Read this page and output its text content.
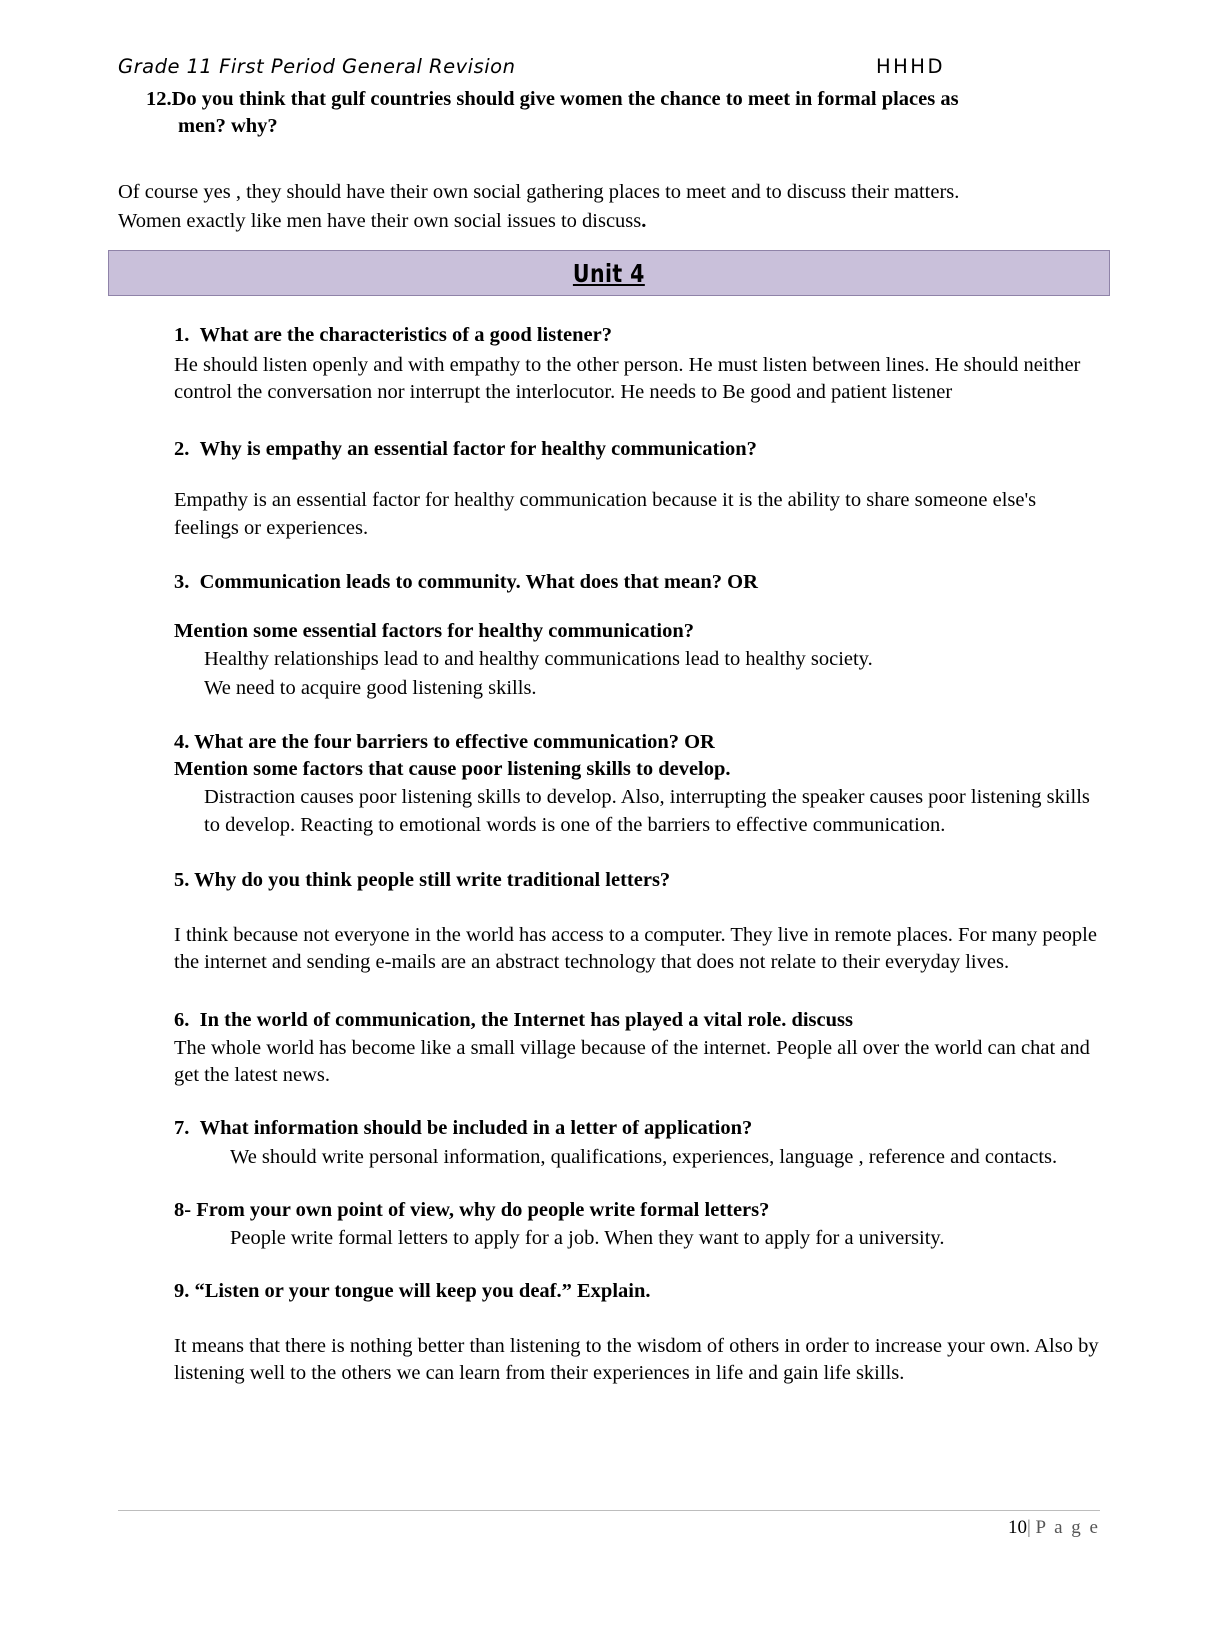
Grade 11 First Period General Revision	HHHD
12.Do you think that gulf countries should give women the chance to meet in formal places as
men? why?
Of course yes , they should have their own social gathering places to meet and to discuss their matters.
Women exactly like men have their own social issues to discuss.
Unit 4
1. What are the characteristics of a good listener?
He should listen openly and with empathy to the other person. He must listen between lines. He should neither control the conversation nor interrupt the interlocutor. He needs to Be good and patient listener
2. Why is empathy an essential factor for healthy communication?
Empathy is an essential factor for healthy communication because it is the ability to share someone else's feelings or experiences.
3. Communication leads to community. What does that mean? OR
Mention some essential factors for healthy communication?
Healthy relationships lead to and healthy communications lead to healthy society.
We need to acquire good listening skills.
4. What are the four barriers to effective communication? OR
Mention some factors that cause poor listening skills to develop.
Distraction causes poor listening skills to develop. Also, interrupting the speaker causes poor listening skills to develop. Reacting to emotional words is one of the barriers to effective communication.
5. Why do you think people still write traditional letters?
I think because not everyone in the world has access to a computer. They live in remote places. For many people the internet and sending e-mails are an abstract technology that does not relate to their everyday lives.
6. In the world of communication, the Internet has played a vital role. discuss
The whole world has become like a small village because of the internet. People all over the world can chat and get the latest news.
7. What information should be included in a letter of application?
We should write personal information, qualifications, experiences, language , reference and contacts.
8- From your own point of view, why do people write formal letters?
People write formal letters to apply for a job. When they want to apply for a university.
9. “Listen or your tongue will keep you deaf.” Explain.
It means that there is nothing better than listening to the wisdom of others in order to increase your own. Also by listening well to the others we can learn from their experiences in life and gain life skills.
10| P a g e
